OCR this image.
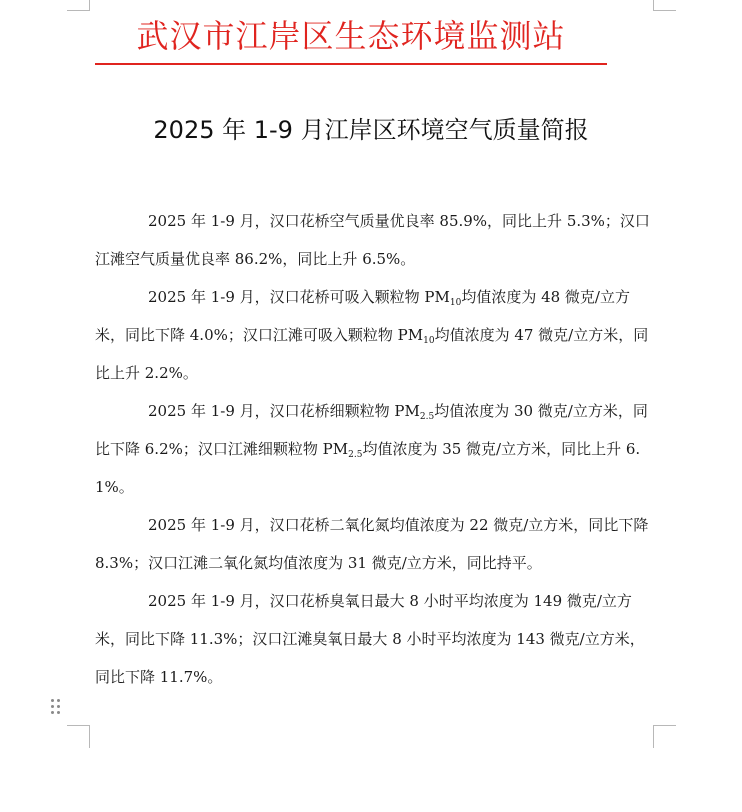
武汉市江岸区生态环境监测站
2025 年 1-9 月江岸区环境空气质量简报

2025 年 1-9 月，汉口花桥空气质量优良率 85.9%，同比上升 5.3%；汉口江滩空气质量优良率 86.2%，同比上升 6.5%。

2025 年 1-9 月，汉口花桥可吸入颗粒物 $PM_{10}$均值浓度为 48 微克/立方米，同比下降 4.0%；汉口江滩可吸入颗粒物 $PM_{10}$均值浓度为 47 微克/立方米，同比上升 2.2%。

2025 年 1-9 月，汉口花桥细颗粒物 $PM_{2.5}$均值浓度为 30 微克/立方米，同比下降 6.2%；汉口江滩细颗粒物 $PM_{2.5}$均值浓度为 35 微克/立方米，同比上升 6.1%。

2025 年 1-9 月，汉口花桥二氧化氮均值浓度为 22 微克/立方米，同比下降 8.3%；汉口江滩二氧化氮均值浓度为 31 微克/立方米，同比持平。

2025 年 1-9 月，汉口花桥臭氧日最大 8 小时平均浓度为 149 微克/立方米，同比下降 11.3%；汉口江滩臭氧日最大 8 小时平均浓度为 143 微克/立方米，同比下降 11.7%。
